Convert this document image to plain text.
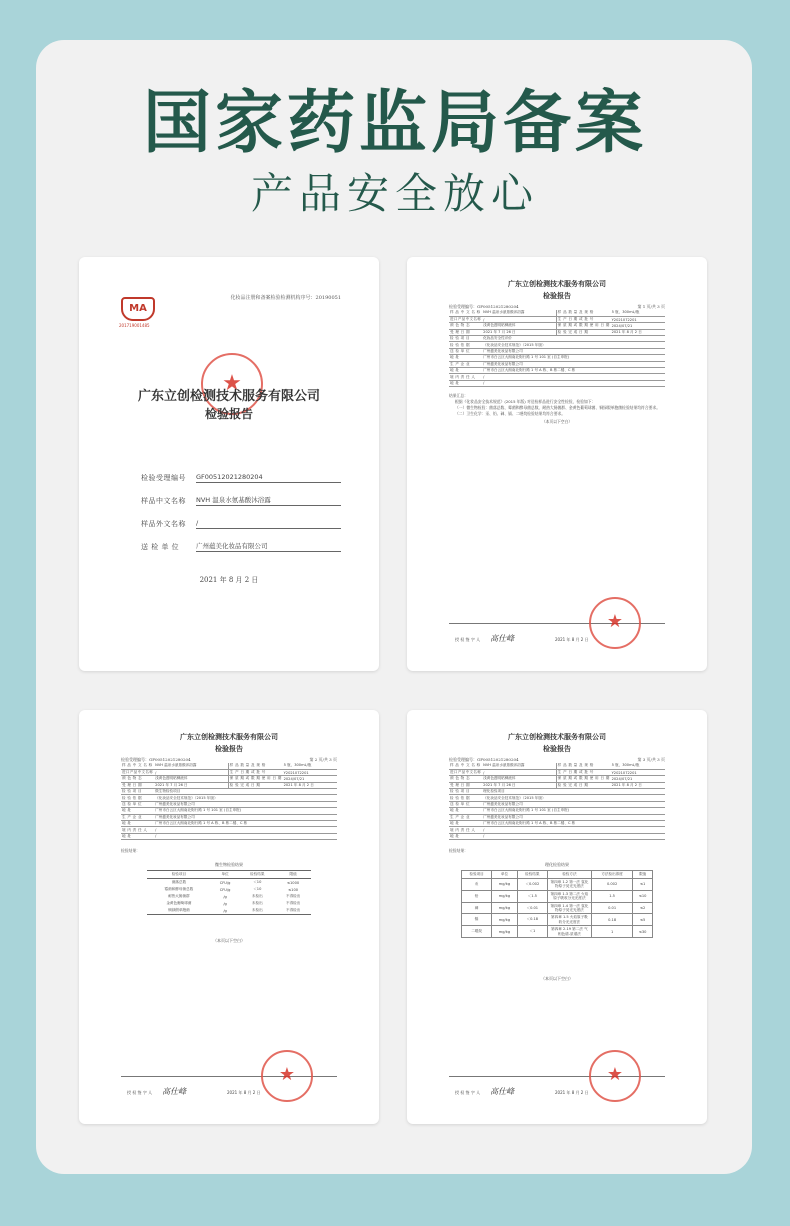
国家药监局备案
产品安全放心
MA
201719001485
化妆品注册和备案检验检测机构序号：20190051
★
广东立创检测技术服务有限公司
检验报告
检验受理编号	GF00512021280204
样品中文名称	NVH 温泉水氨基酸沐浴露
样品外文名称	/
送 检 单 位	广州蕴美化妆品有限公司
2021 年 8 月 2 日
广东立创检测技术服务有限公司
检验报告
检验受理编号：GF00512021280204	第 1 页/共 3 页
样 品 中 文 名 称	NVH 温泉水氨基酸沐浴露	样 品 数 量 及 规 格	5 瓶，300mL/瓶
进口产品中文名称	/	生 产 日 期 或 批 号	Y2021072201
颜 色 物 态	浅黄色透明粘稠液体	保 质 期 或 限 期 使 用 日 期	2024/07/21
受 理 日 期	2021 年 7 月 26 日	检 验 完 成 日 期	2021 年 8 月 2 日
检 验 项 目	化妆品安全性评价		
检 验 依 据	《化妆品安全技术规范》（2015 年版）		
送 检 单 位	广州蕴美化妆品有限公司		
地 址	广州市白云区大朗南北街行路 1 号 101 室 (自主申报)		
生 产 企 业	广州蕴美化妆品有限公司		
地 址	广州市白云区大朗南北街行路 1 号 A 栋、B 栋二楼、C 栋		
境 内 责 任 人	/		
地 址	/		
结果汇总：
根据《化妆品安全技术规范》(2015 年版) 对送检样品进行安全性检验，检验如下：
（一）微生物检验：菌落总数、霉菌和酵母菌总数、耐热大肠菌群、金黄色葡萄球菌、铜绿假单胞菌检验结果均符合要求。
（二）卫生化学：汞、铅、砷、镉、二噁烷检验结果均符合要求。
（本页以下空白）
★
授 权 签 字 人 高仕峰	2021 年 8 月 2 日
广东立创检测技术服务有限公司
检验报告
检验受理编号：GF00512021280204	第 2 页/共 3 页
样 品 中 文 名 称	NVH 温泉水氨基酸沐浴露	样 品 数 量 及 规 格	5 瓶，300mL/瓶
进口产品中文名称	/	生 产 日 期 或 批 号	Y2021072201
颜 色 物 态	浅黄色透明粘稠液体	保 质 期 或 限 期 使 用 日 期	2024/07/21
受 理 日 期	2021 年 7 月 26 日	检 验 完 成 日 期	2021 年 8 月 2 日
检 验 项 目	微生物检验项目		
检 验 依 据	《化妆品安全技术规范》（2015 年版）		
送 检 单 位	广州蕴美化妆品有限公司		
地 址	广州市白云区大朗南北街行路 1 号 101 室 (自主申报)		
生 产 企 业	广州蕴美化妆品有限公司		
地 址	广州市白云区大朗南北街行路 1 号 A 栋、B 栋二楼、C 栋		
境 内 责 任 人	/		
地 址	/		
检验结果：
微生物检验结果
检验项目	单位	检验结果	限值
菌落总数	CFU/g	＜10	≤1000
霉菌和酵母菌总数	CFU/g	＜10	≤100
耐热大肠菌群	/g	未检出	不得检出
金黄色葡萄球菌	/g	未检出	不得检出
铜绿假单胞菌	/g	未检出	不得检出
（本页以下空白）
★
授 权 签 字 人 高仕峰	2021 年 8 月 2 日
广东立创检测技术服务有限公司
检验报告
检验受理编号：GF00512021280204	第 3 页/共 3 页
样 品 中 文 名 称	NVH 温泉水氨基酸沐浴露	样 品 数 量 及 规 格	5 瓶，300mL/瓶
进口产品中文名称	/	生 产 日 期 或 批 号	Y2021072201
颜 色 物 态	浅黄色透明粘稠液体	保 质 期 或 限 期 使 用 日 期	2024/07/21
受 理 日 期	2021 年 7 月 26 日	检 验 完 成 日 期	2021 年 8 月 2 日
检 验 项 目	理化检验项目		
检 验 依 据	《化妆品安全技术规范》（2015 年版）		
送 检 单 位	广州蕴美化妆品有限公司		
地 址	广州市白云区大朗南北街行路 1 号 101 室 (自主申报)		
生 产 企 业	广州蕴美化妆品有限公司		
地 址	广州市白云区大朗南北街行路 1 号 A 栋、B 栋二楼、C 栋		
境 内 责 任 人	/		
地 址	/		
检验结果：
理化检验结果
检验项目	单位	检验结果	检验方法	方法检出浓度	限值
汞	mg/kg	＜0.002	第四章 1.2 第一法 氢化物原子荧光光度法	0.002	≤1
铅	mg/kg	＜1.5	第四章 1.3 第二法 火焰原子吸收分光光度法	1.5	≤10
砷	mg/kg	＜0.01	第四章 1.4 第一法 氢化物原子荧光光度法	0.01	≤2
镉	mg/kg	＜0.18	第四章 1.5 火焰原子吸收分光光度法	0.18	≤5
二噁烷	mg/kg	＜1	第四章 2.19 第二法 气相色谱-质谱法	1	≤30
（本页以下空白）
★
授 权 签 字 人 高仕峰	2021 年 8 月 2 日
